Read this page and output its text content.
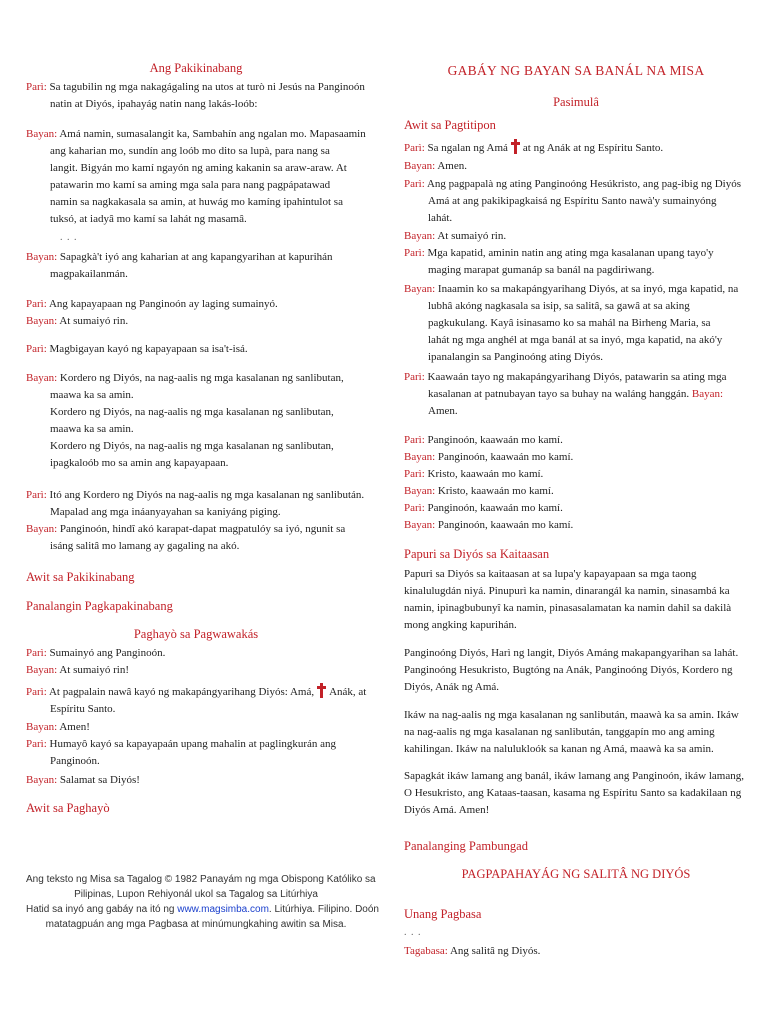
Ang Pakikinabang
Parì: Sa tagubilin ng mga nakagágaling na utos at turò ni Jesús na Panginoón
natin at Diyós, ipahayág natin nang lakás-loób:
Bayan: Amá namin, sumasalangit ka, Sambahín ang ngalan mo. Mapasaamin
ang kaharian mo, sundín ang loób mo dito sa lupà, para nang sa
langit. Bigyán mo kamí ngayón ng aming kakanin sa araw-araw. At
patawarin mo kamí sa aming mga sala para nang pagpápatawad
namin sa nagkakasala sa amin, at huwág mo kamíng ipahintulot sa
tuksó, at iadyâ mo kamí sa lahát ng masamâ.
. . .
Bayan: Sapagkà't iyó ang kaharian at ang kapangyarihan at kapurihán
magpakailanmán.
Parì: Ang kapayapaan ng Panginoón ay laging sumainyó.
Bayan: At sumaiyó rin.
Parì: Magbigayan kayó ng kapayapaan sa isa't-isá.
Bayan: Kordero ng Diyós, na nag-aalis ng mga kasalanan ng sanlibutan,
maawa ka sa amin.
Kordero ng Diyós, na nag-aalis ng mga kasalanan ng sanlibutan,
maawa ka sa amin.
Kordero ng Diyós, na nag-aalis ng mga kasalanan ng sanlibutan,
ipagkaloób mo sa amin ang kapayapaan.
Parì: Itó ang Kordero ng Diyós na nag-aalis ng mga kasalanan ng sanlibután.
Mapalad ang mga ináanyayahan sa kaniyáng piging.
Bayan: Panginoón, hindî akó karapat-dapat magpatulóy sa iyó, ngunit sa
isáng salitâ mo lamang ay gagaling na akó.
Awit sa Pakikinabang
Panalangin Pagkapakinabang
Paghayò sa Pagwawakás
Parì: Sumainyó ang Panginoón.
Bayan: At sumaiyó rin!
Parì: At pagpalain nawâ kayó ng makapángyarihang Diyós: Amá, Anák, at
Espíritu Santo.
Bayan: Amen!
Parì: Humayô kayó sa kapayapaán upang mahalin at paglingkurán ang
Panginoón.
Bayan: Salamat sa Diyós!
Awit sa Paghayò
Ang teksto ng Misa sa Tagalog © 1982 Panayám ng mga Obispong Katóliko sa
Pilipinas, Lupon Rehiyonál ukol sa Tagalog sa Litúrhiya
Hatid sa inyó ang gabáy na itó ng www.magsimba.com. Litúrhiya. Filipino. Doón
matatagpuán ang mga Pagbasa at minúmungkahing awitin sa Misa.
GABÁY NG BAYAN SA BANÁL NA MISA
Pasimulâ
Awit sa Pagtitipon
Parì: Sa ngalan ng Amá at ng Anák at ng Espíritu Santo.
Bayan: Amen.
Parì: Ang pagpapalà ng ating Panginoóng Hesúkristo, ang pag-ibig ng Diyós
Amá at ang pakikipagkaisá ng Espíritu Santo nawà'y sumainyóng
lahát.
Bayan: At sumaiyó rin.
Parì: Mga kapatid, aminin natin ang ating mga kasalanan upang tayo'y
maging marapat gumanáp sa banál na pagdiriwang.
Bayan: Inaamin ko sa makapángyarihang Diyós, at sa inyó, mga kapatid, na
lubhâ akóng nagkasala sa isip, sa salitâ, sa gawâ at sa aking
pagkukulang. Kayâ isinasamo ko sa mahál na Birheng Maria, sa
lahát ng mga anghél at mga banál at sa inyó, mga kapatid, na akó'y
ipanalangin sa Panginoóng ating Diyós.
Parì: Kaawaán tayo ng makapángyarihang Diyós, patawarin sa ating mga
kasalanan at patnubayan tayo sa buhay na waláng hanggán. Bayan:
Amen.
Parì: Panginoón, kaawaán mo kamí.
Bayan: Panginoón, kaawaán mo kamí.
Parì: Kristo, kaawaán mo kamí.
Bayan: Kristo, kaawaán mo kamí.
Parì: Panginoón, kaawaán mo kamí.
Bayan: Panginoón, kaawaán mo kamí.
Papuri sa Diyós sa Kaitaasan
Papuri sa Diyós sa kaitaasan at sa lupa'y kapayapaan sa mga taong
kinalulugdán niyá. Pinupurì ka namin, dinarangál ka namin, sinasambá ka
namin, ipinagbubunyî ka namin, pinasasalamatan ka namin dahil sa dakilà
mong angking kapurihán.
Panginoóng Diyós, Harì ng langit, Diyós Amáng makapangyarihan sa lahát.
Panginoóng Hesukristo, Bugtóng na Anák, Panginoóng Diyós, Kordero ng
Diyós, Anák ng Amá.
Ikáw na nag-aalis ng mga kasalanan ng sanlibután, maawà ka sa amin. Ikáw
na nag-aalis ng mga kasalanan ng sanlibután, tanggapín mo ang aming
kahilingan. Ikáw na nalulukloók sa kanan ng Amá, maawà ka sa amin.
Sapagkát ikáw lamang ang banál, ikáw lamang ang Panginoón, ikáw lamang,
O Hesukristo, ang Kataas-taasan, kasama ng Espíritu Santo sa kadakilaan ng
Diyós Amá. Amen!
Panalanging Pambungad
PAGPAPAHAYÁG NG SALITÂ NG DIYÓS
Unang Pagbasa
. . .
Tagabasa: Ang salitâ ng Diyós.
